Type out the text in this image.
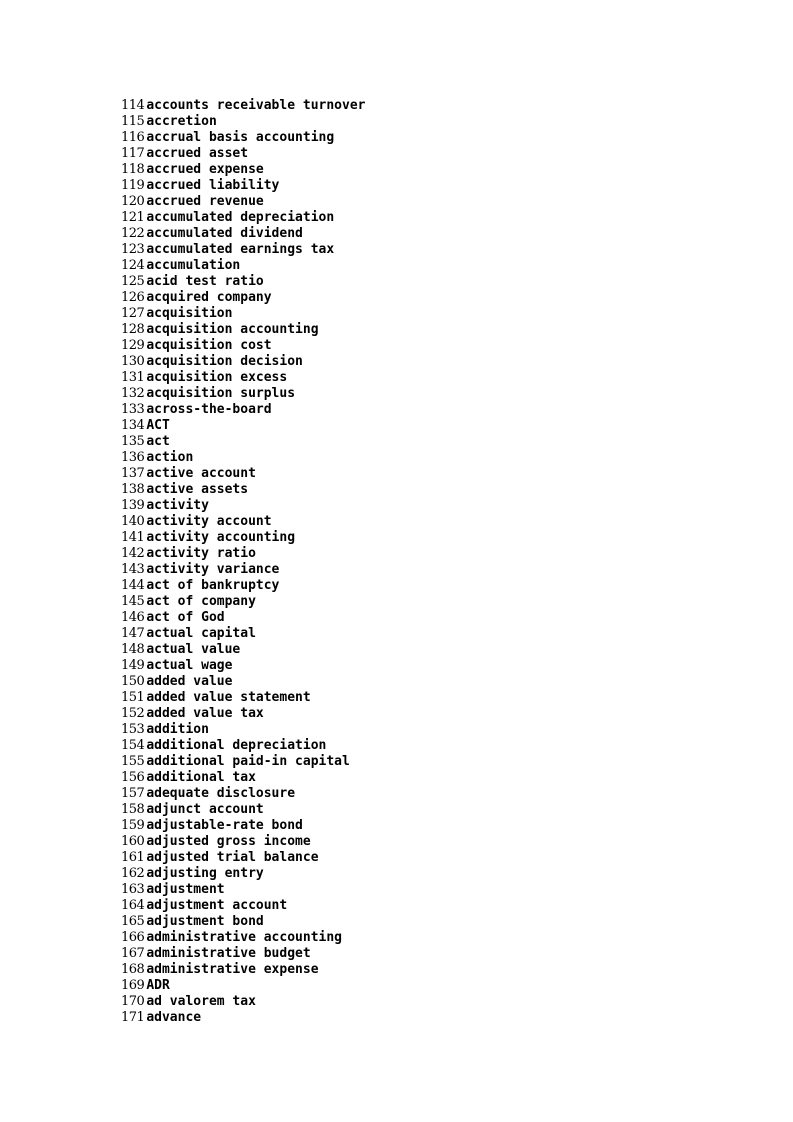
114 accounts receivable turnover
115 accretion
116 accrual basis accounting
117 accrued asset
118 accrued expense
119 accrued liability
120 accrued revenue
121 accumulated depreciation
122 accumulated dividend
123 accumulated earnings tax
124 accumulation
125 acid test ratio
126 acquired company
127 acquisition
128 acquisition accounting
129 acquisition cost
130 acquisition decision
131 acquisition excess
132 acquisition surplus
133 across-the-board
134 ACT
135 act
136 action
137 active account
138 active assets
139 activity
140 activity account
141 activity accounting
142 activity ratio
143 activity variance
144 act of bankruptcy
145 act of company
146 act of God
147 actual capital
148 actual value
149 actual wage
150 added value
151 added value statement
152 added value tax
153 addition
154 additional depreciation
155 additional paid-in capital
156 additional tax
157 adequate disclosure
158 adjunct account
159 adjustable-rate bond
160 adjusted gross income
161 adjusted trial balance
162 adjusting entry
163 adjustment
164 adjustment account
165 adjustment bond
166 administrative accounting
167 administrative budget
168 administrative expense
169 ADR
170 ad valorem tax
171 advance
